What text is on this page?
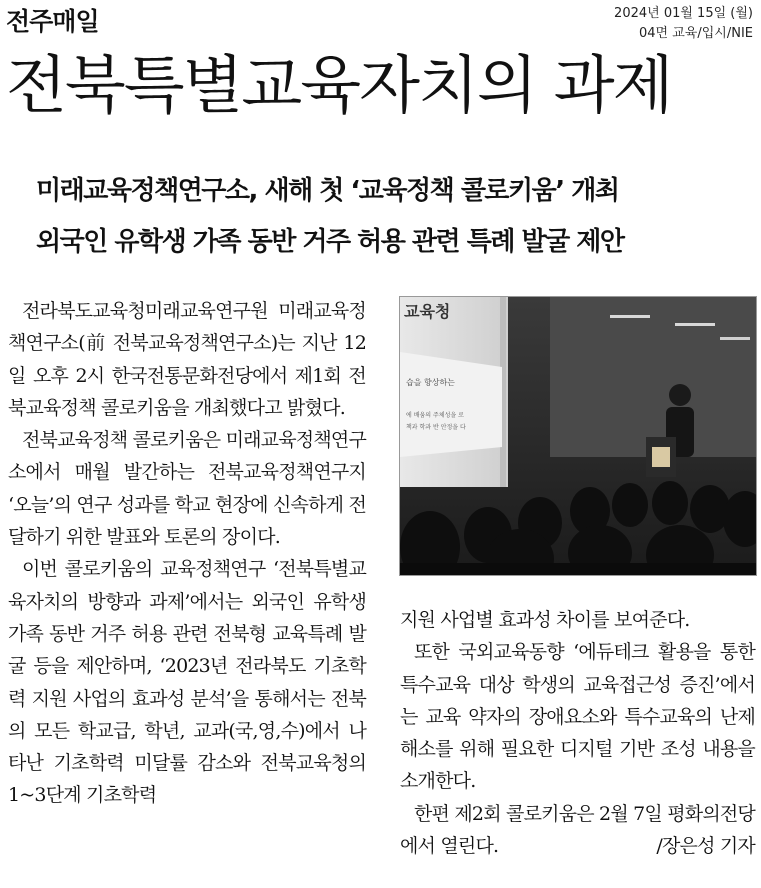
전주매일	2024년 01월 15일 (월)
04면 교육/입시/NIE
전북특별교육자치의 과제
미래교육정책연구소, 새해 첫 ‘교육정책 콜로키움’ 개최
외국인 유학생 가족 동반 거주 허용 관련 특례 발굴 제안

전라북도교육청미래교육연구원 미래교육정책연구소(前 전북교육정책연구소)는 지난 12일 오후 2시 한국전통문화전당에서 제1회 전북교육정책 콜로키움을 개최했다고 밝혔다.

전북교육정책 콜로키움은 미래교육정책연구소에서 매월 발간하는 전북교육정책연구지 ‘오늘’의 연구 성과를 학교 현장에 신속하게 전달하기 위한 발표와 토론의 장이다.

이번 콜로키움의 교육정책연구 ‘전북특별교육자치의 방향과 과제’에서는 외국인 유학생 가족 동반 거주 허용 관련 전북형 교육특례 발굴 등을 제안하며, ‘2023년 전라북도 기초학력 지원 사업의 효과성 분석’을 통해서는 전북의 모든 학교급, 학년, 교과(국,영,수)에서 나타난 기초학력 미달률 감소와 전북교육청의 1~3단계 기초학력

교육청
습을 향상하는
에 배움의 주체성을 로
책과 학과 반 안정을 다

지원 사업별 효과성 차이를 보여준다.

또한 국외교육동향 ‘에듀테크 활용을 통한 특수교육 대상 학생의 교육접근성 증진’에서는 교육 약자의 장애요소와 특수교육의 난제 해소를 위해 필요한 디지털 기반 조성 내용을 소개한다.

한편 제2회 콜로키움은 2월 7일 평화의전당에서 열린다.	/장은성 기자
